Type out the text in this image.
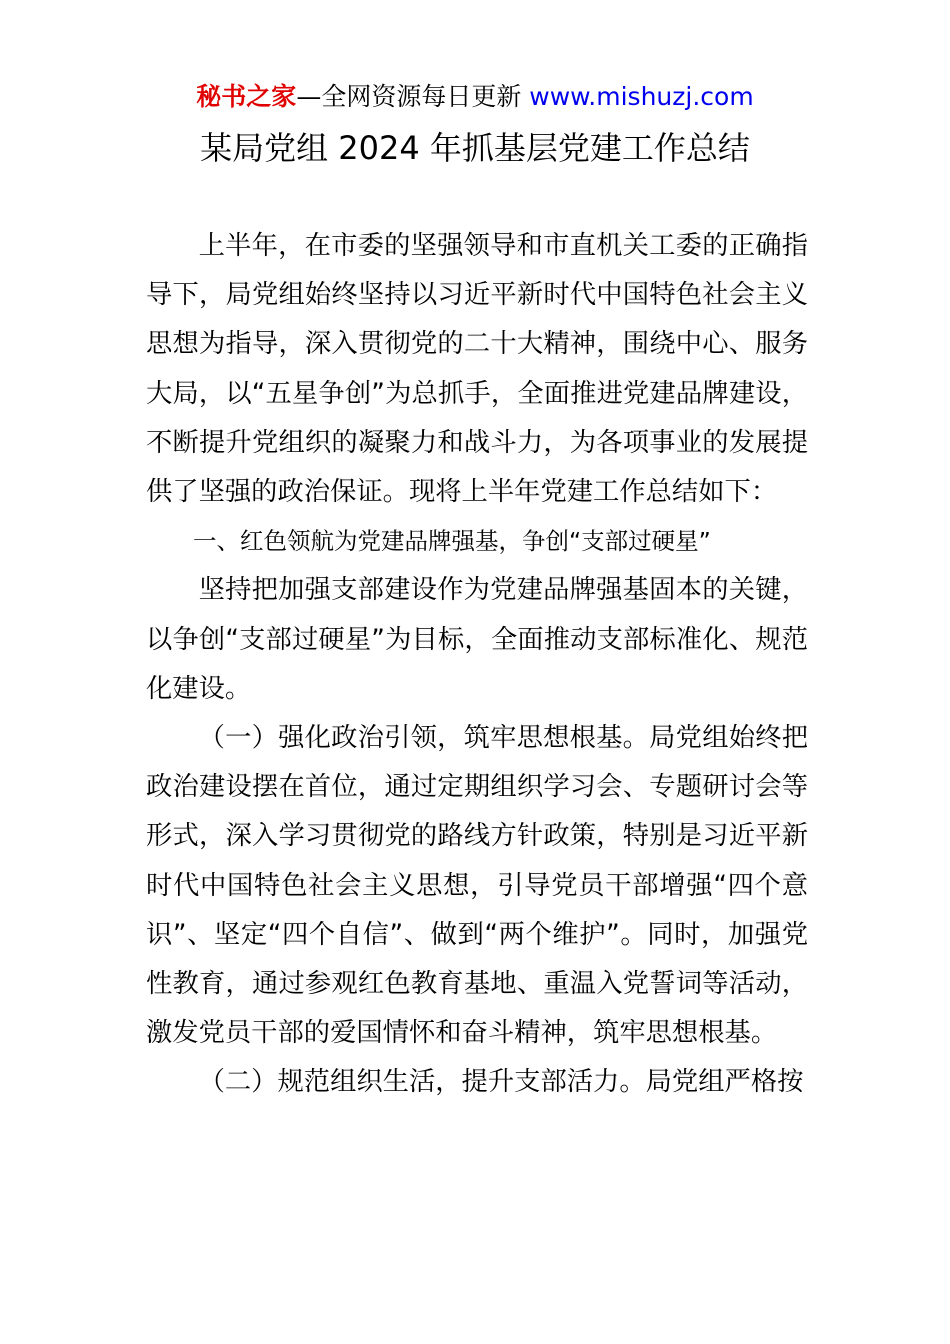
秘书之家—全网资源每日更新 www.mishuzj.com
某局党组 2024 年抓基层党建工作总结

上半年，在市委的坚强领导和市直机关工委的正确指导下，局党组始终坚持以习近平新时代中国特色社会主义思想为指导，深入贯彻党的二十大精神，围绕中心、服务大局，以“五星争创”为总抓手，全面推进党建品牌建设，不断提升党组织的凝聚力和战斗力，为各项事业的发展提供了坚强的政治保证。现将上半年党建工作总结如下：

一、红色领航为党建品牌强基，争创“支部过硬星”

坚持把加强支部建设作为党建品牌强基固本的关键，以争创“支部过硬星”为目标，全面推动支部标准化、规范化建设。

（一）强化政治引领，筑牢思想根基。局党组始终把政治建设摆在首位，通过定期组织学习会、专题研讨会等形式，深入学习贯彻党的路线方针政策，特别是习近平新时代中国特色社会主义思想，引导党员干部增强“四个意识”、坚定“四个自信”、做到“两个维护”。同时，加强党性教育，通过参观红色教育基地、重温入党誓词等活动，激发党员干部的爱国情怀和奋斗精神，筑牢思想根基。

（二）规范组织生活，提升支部活力。局党组严格按
